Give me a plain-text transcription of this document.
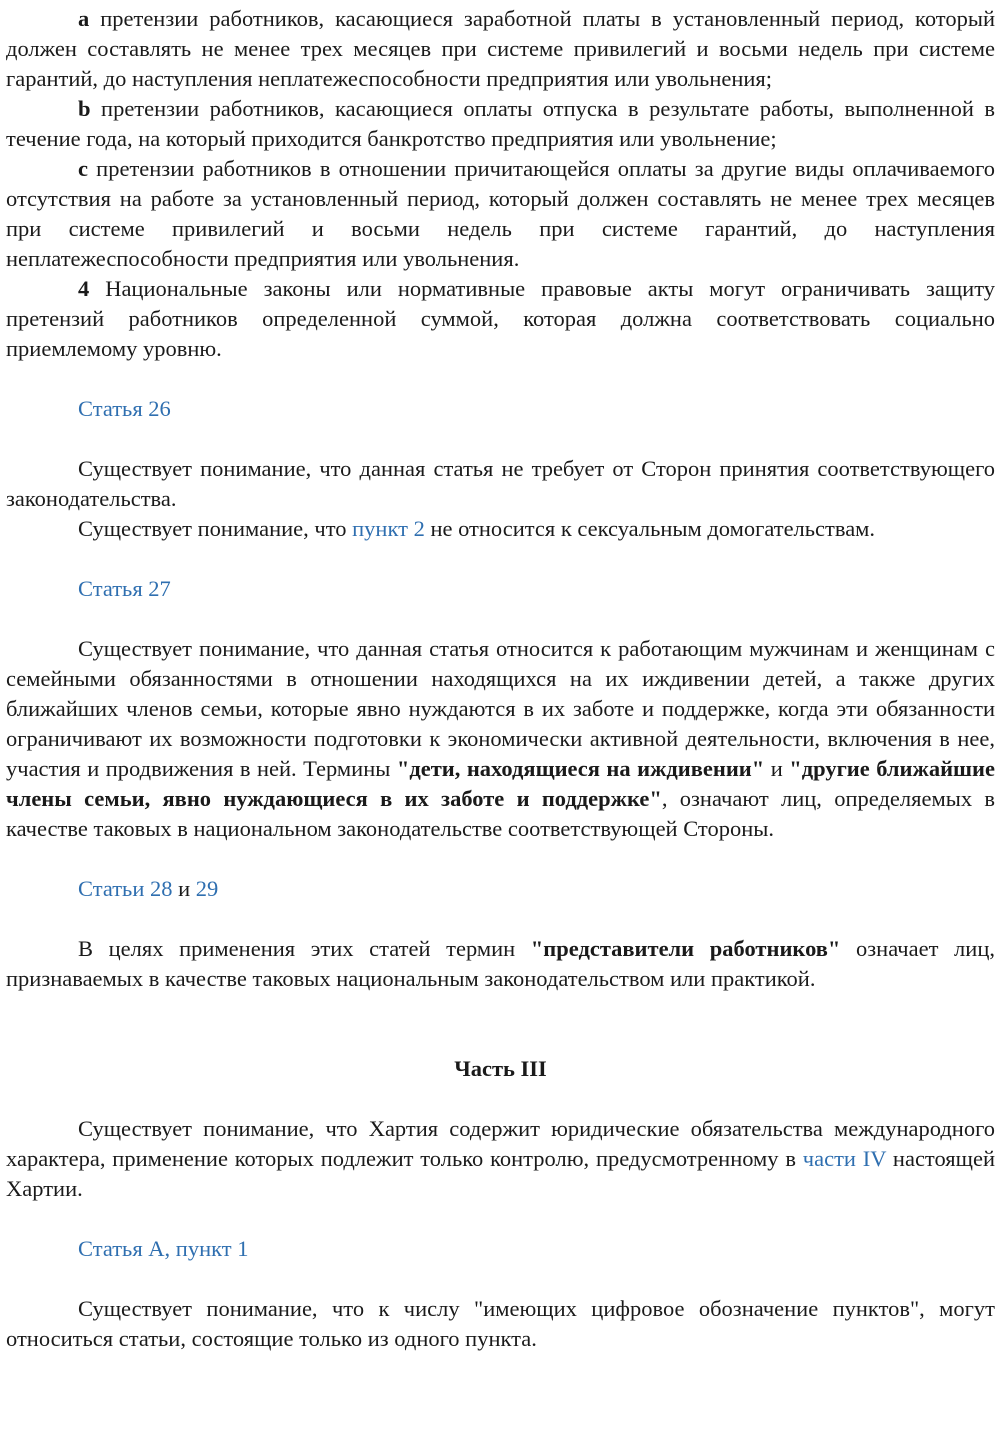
a претензии работников, касающиеся заработной платы в установленный период, который должен составлять не менее трех месяцев при системе привилегий и восьми недель при системе гарантий, до наступления неплатежеспособности предприятия или увольнения;

b претензии работников, касающиеся оплаты отпуска в результате работы, выполненной в течение года, на который приходится банкротство предприятия или увольнение;

c претензии работников в отношении причитающейся оплаты за другие виды оплачиваемого отсутствия на работе за установленный период, который должен составлять не менее трех месяцев при системе привилегий и восьми недель при системе гарантий, до наступления неплатежеспособности предприятия или увольнения.

4 Национальные законы или нормативные правовые акты могут ограничивать защиту претензий работников определенной суммой, которая должна соответствовать социально приемлемому уровню.

Статья 26

Существует понимание, что данная статья не требует от Сторон принятия соответствующего законодательства.

Существует понимание, что пункт 2 не относится к сексуальным домогательствам.

Статья 27

Существует понимание, что данная статья относится к работающим мужчинам и женщинам с семейными обязанностями в отношении находящихся на их иждивении детей, а также других ближайших членов семьи, которые явно нуждаются в их заботе и поддержке, когда эти обязанности ограничивают их возможности подготовки к экономически активной деятельности, включения в нее, участия и продвижения в ней. Термины "дети, находящиеся на иждивении" и "другие ближайшие члены семьи, явно нуждающиеся в их заботе и поддержке", означают лиц, определяемых в качестве таковых в национальном законодательстве соответствующей Стороны.

Статьи 28 и 29

В целях применения этих статей термин "представители работников" означает лиц, признаваемых в качестве таковых национальным законодательством или практикой.

Часть III

Существует понимание, что Хартия содержит юридические обязательства международного характера, применение которых подлежит только контролю, предусмотренному в части IV настоящей Хартии.

Статья А, пункт 1

Существует понимание, что к числу "имеющих цифровое обозначение пунктов", могут относиться статьи, состоящие только из одного пункта.
